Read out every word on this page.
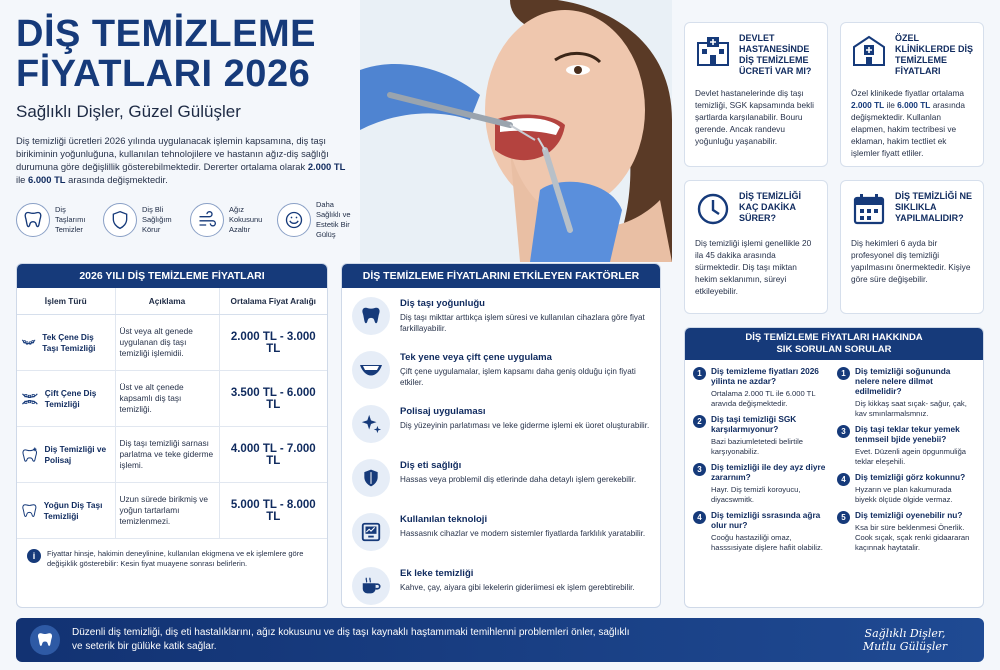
DİŞ TEMİZLEME
FİYATLARI 2026
Sağlıklı Dişler, Güzel Gülüşler

Diş temizliği ücretleri 2026 yılında uygulanacak işlemin kapsamına, diş taşı birikiminin yoğunluğuna, kullanılan tehnolojilere ve hastanın ağız-diş sağlığı durumuna göre değişlillik gösterebilmektedir. Dererter ortalama olarak 2.000 TL ile 6.000 TL arasında değişmektedir.

Diş Taşlarımı Temizler
Diş Bli Sağlığım Körur
Ağız Kokusunu Azaltır
Daha Sağlıklı ve Estetik Bir Gülüş
DEVLET HASTANESİNDE DİŞ TEMİZLEME ÜCRETİ VAR MI?

Devlet hastanelerinde diş taşı temizliği, SGK kapsamında bekli şartlarda karşılanabilir. Bouru gerende. Ancak randevu yoğunluğu yaşanabilir.

ÖZEL KLİNİKLERDE DİŞ TEMİZLEME FİYATLARI

Özel klinikede fiyatlar ortalama 2.000 TL ile 6.000 TL arasında değişmektedir. Kullanlan elapmen, hakim tectribesi ve eklaman, hakim tectliet ek işlemler fiyatt etliler.

DİŞ TEMİZLİĞİ KAÇ DAKİKA SÜRER?

Diş temizliği işlemi genellikle 20 ila 45 dakika arasında sürmektedir. Diş taşı miktan hekim seklanımın, süreyi etkileyebilir.

DİŞ TEMİZLİĞİ NE SIKLIKLA YAPILMALIDIR?

Diş hekimleri 6 ayda bir profesyonel diş temizliği yapılmasını önermektedir. Kişiye göre süre değişebilir.

2026 YILI DİŞ TEMİZLEME FİYATLARI
İşlem Türü	Açıklama	Ortalama Fiyat Aralığı

Tek Çene Diş Taşı Temizliği	Üst veya alt genede uygulanan diş taşı temizliği işlemidii.	2.000 TL - 3.000 TL

Çift Çene Diş Temizliği	Üst ve alt çenede kapsamlı diş taşı temizliği.	3.500 TL - 6.000 TL

Diş Temizliği ve Polisaj	Diş taşı temizliği sarnası parlatma ve teke giderme işlemi.	4.000 TL - 7.000 TL

Yoğun Diş Taşı Temizliği	Uzun süredе birikmiş ve yoğun tartarlamı temizlenmezi.	5.000 TL - 8.000 TL
i	Fiyattar hinsje, hakimin deneylinine, kullanılan ekigmena ve ek işlemlere göre değişiklik gösterebilir: Kesin fiyat muayene sonrası belirlerin.
DİŞ TEMİZLEME FİYATLARINI ETKİLEYEN FAKTÖRLER
Diş taşı yoğunluğu
Diş taşı mikttar arttıkça işlem süresi ve kullanılan cihazlara göre fiyat farkillayabilir.
Tek yene veya çift çene uygulama
Çift çene uygulamalar, işlem kapsamı daha geniş olduğu için fiyati etkiler.
Polisaj uygulaması
Diş yüzeyinin parlatıması ve leke giderme işlemi ek üoret oluşturabilir.
Diş eti sağlığı
Hassas veya problemil diş etlerinde daha detaylı işlem gerekebilir.
Kullanılan teknoloji
Hassasnık cihazlar ve modern sistemler fiyatlarda farklılık yaratabilir.
Ek leke temizliği
Kahve, çay, aiyara gibi lekelerin gideriimesi ek işlem gerebtirebilir.
DİŞ TEMİZLEME FİYATLARI HAKKINDA
SIK SORULAN SORULAR
1	Diş temizleme fiyatları 2026 yilintа ne azdar?
Ortalama 2.000 TL ile 6.000 TL aravıda değişmektedir.
2	Diş taşi temizliği SGK karşılarmıyonur?
Bazi baziumletetedi belirtile karşıyonabiliz.
3	Diş temizliği ile dey ayz diyre zararnım?
Hayr. Diş temizli koroyucu, diyacswmitk.
4	Diş temizliği ssrasında ağra olur nur?
Coоğu hastaziliği omaz, hasssısiyate dişlere hafiit olabiliz.
1	Diş temizliği soğununda nelere nelere dilmət edilmelidir?
Diş kikkaş saat sıçak- sağur, çak, kav smınlarmalsmnız.
3	Diş taşi teklar tekur yemek tenmseil bjide yenebii?
Evet. Düzenli agein öpgunmuliğa teklar eleşehili.
4	Diş temizliği görz kokunnu?
Hyzarın ve plan kakumurada biyekk ölçüde ölgide vermaz.
5	Diş temizliği oyenebilir nu?
Ksa bir süre beklenmesi Önerlik. Cook sıçak, sçak renki gidaararan kaçınnak haytatalir.

Düzenli diş temizliği, diş eti hastalıklarını, ağız kokusunu ve diş taşı kaynaklı haştamımaki temihlenni problemleri önler, sağlıklı ve seterik bir gülüke katik sağlar.

Sağlıklı Dişler,
Mutlu Gülüşler
